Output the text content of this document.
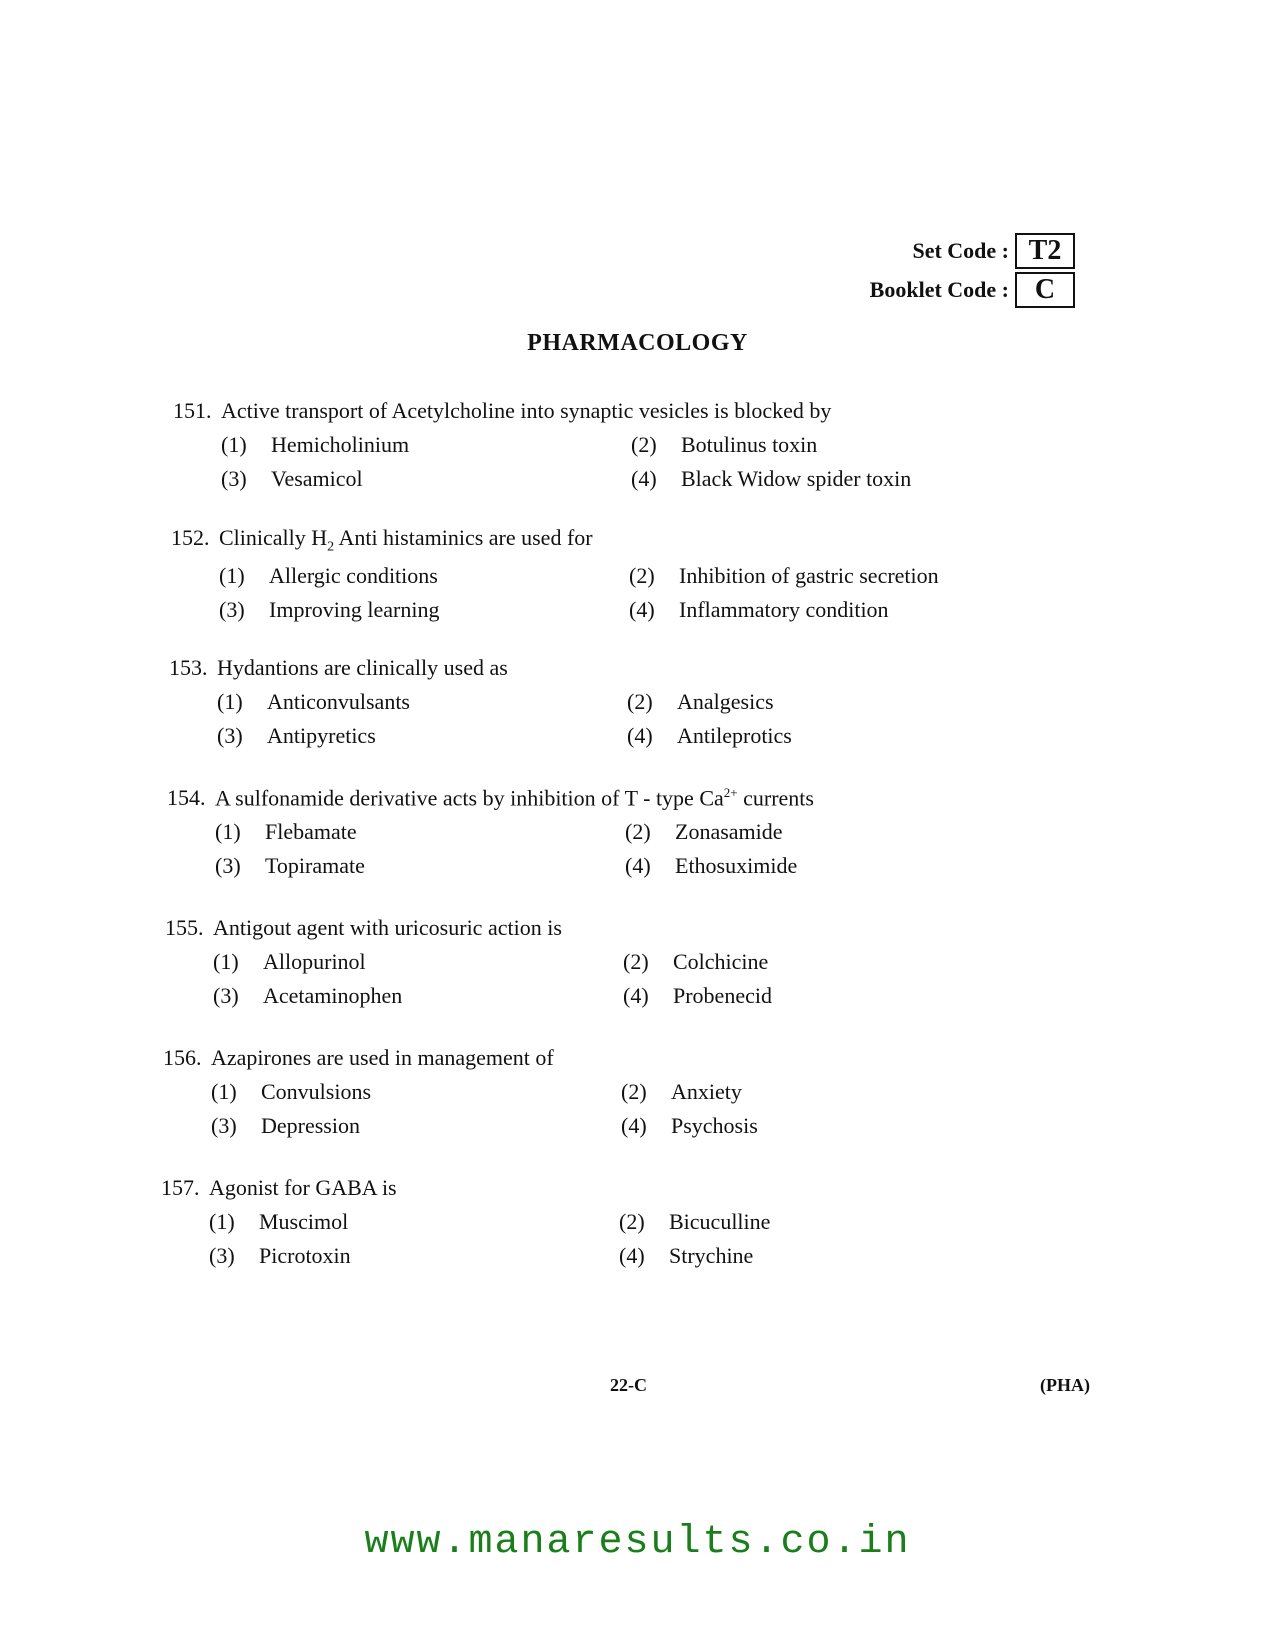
Set Code : T2
Booklet Code : C
PHARMACOLOGY
151. Active transport of Acetylcholine into synaptic vesicles is blocked by
(1)	Hemicholinium	(2)	Botulinus toxin
(3)	Vesamicol	(4)	Black Widow spider toxin
152. Clinically $H_2$ Anti histaminics are used for
(1)	Allergic conditions	(2)	Inhibition of gastric secretion
(3)	Improving learning	(4)	Inflammatory condition
153. Hydantions are clinically used as
(1)	Anticonvulsants	(2)	Analgesics
(3)	Antipyretics	(4)	Antileprotics
154. A sulfonamide derivative acts by inhibition of T - type $Ca^{2+}$ currents
(1)	Flebamate	(2)	Zonasamide
(3)	Topiramate	(4)	Ethosuximide
155. Antigout agent with uricosuric action is
(1)	Allopurinol	(2)	Colchicine
(3)	Acetaminophen	(4)	Probenecid
156. Azapirones are used in management of
(1)	Convulsions	(2)	Anxiety
(3)	Depression	(4)	Psychosis
157. Agonist for GABA is
(1)	Muscimol	(2)	Bicuculline
(3)	Picrotoxin	(4)	Strychine
22-C	(PHA)
www.manaresults.co.in
